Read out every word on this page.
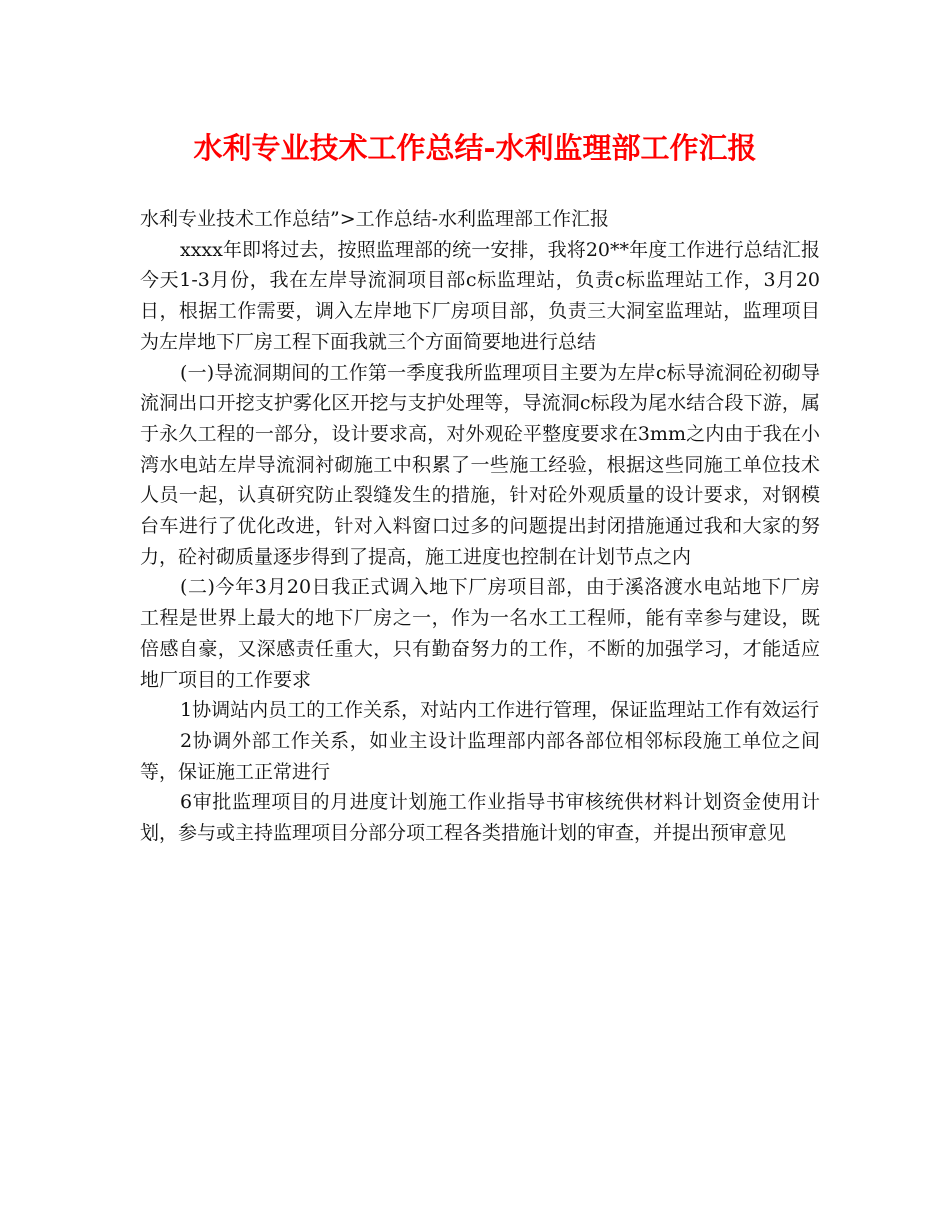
水利专业技术工作总结-水利监理部工作汇报

水利专业技术工作总结”>工作总结-水利监理部工作汇报

xxxx年即将过去，按照监理部的统一安排，我将20**年度工作进行总结汇报今天1-3月份，我在左岸导流洞项目部c标监理站，负责c标监理站工作，3月20日，根据工作需要，调入左岸地下厂房项目部，负责三大洞室监理站，监理项目为左岸地下厂房工程下面我就三个方面简要地进行总结

(一)导流洞期间的工作第一季度我所监理项目主要为左岸c标导流洞砼初砌导流洞出口开挖支护雾化区开挖与支护处理等，导流洞c标段为尾水结合段下游，属于永久工程的一部分，设计要求高，对外观砼平整度要求在3mm之内由于我在小湾水电站左岸导流洞衬砌施工中积累了一些施工经验，根据这些同施工单位技术人员一起，认真研究防止裂缝发生的措施，针对砼外观质量的设计要求，对钢模台车进行了优化改进，针对入料窗口过多的问题提出封闭措施通过我和大家的努力，砼衬砌质量逐步得到了提高，施工进度也控制在计划节点之内

(二)今年3月20日我正式调入地下厂房项目部，由于溪洛渡水电站地下厂房工程是世界上最大的地下厂房之一，作为一名水工工程师，能有幸参与建设，既倍感自豪，又深感责任重大，只有勤奋努力的工作，不断的加强学习，才能适应地厂项目的工作要求

1协调站内员工的工作关系，对站内工作进行管理，保证监理站工作有效运行

2协调外部工作关系，如业主设计监理部内部各部位相邻标段施工单位之间等，保证施工正常进行

6审批监理项目的月进度计划施工作业指导书审核统供材料计划资金使用计划，参与或主持监理项目分部分项工程各类措施计划的审查，并提出预审意见
